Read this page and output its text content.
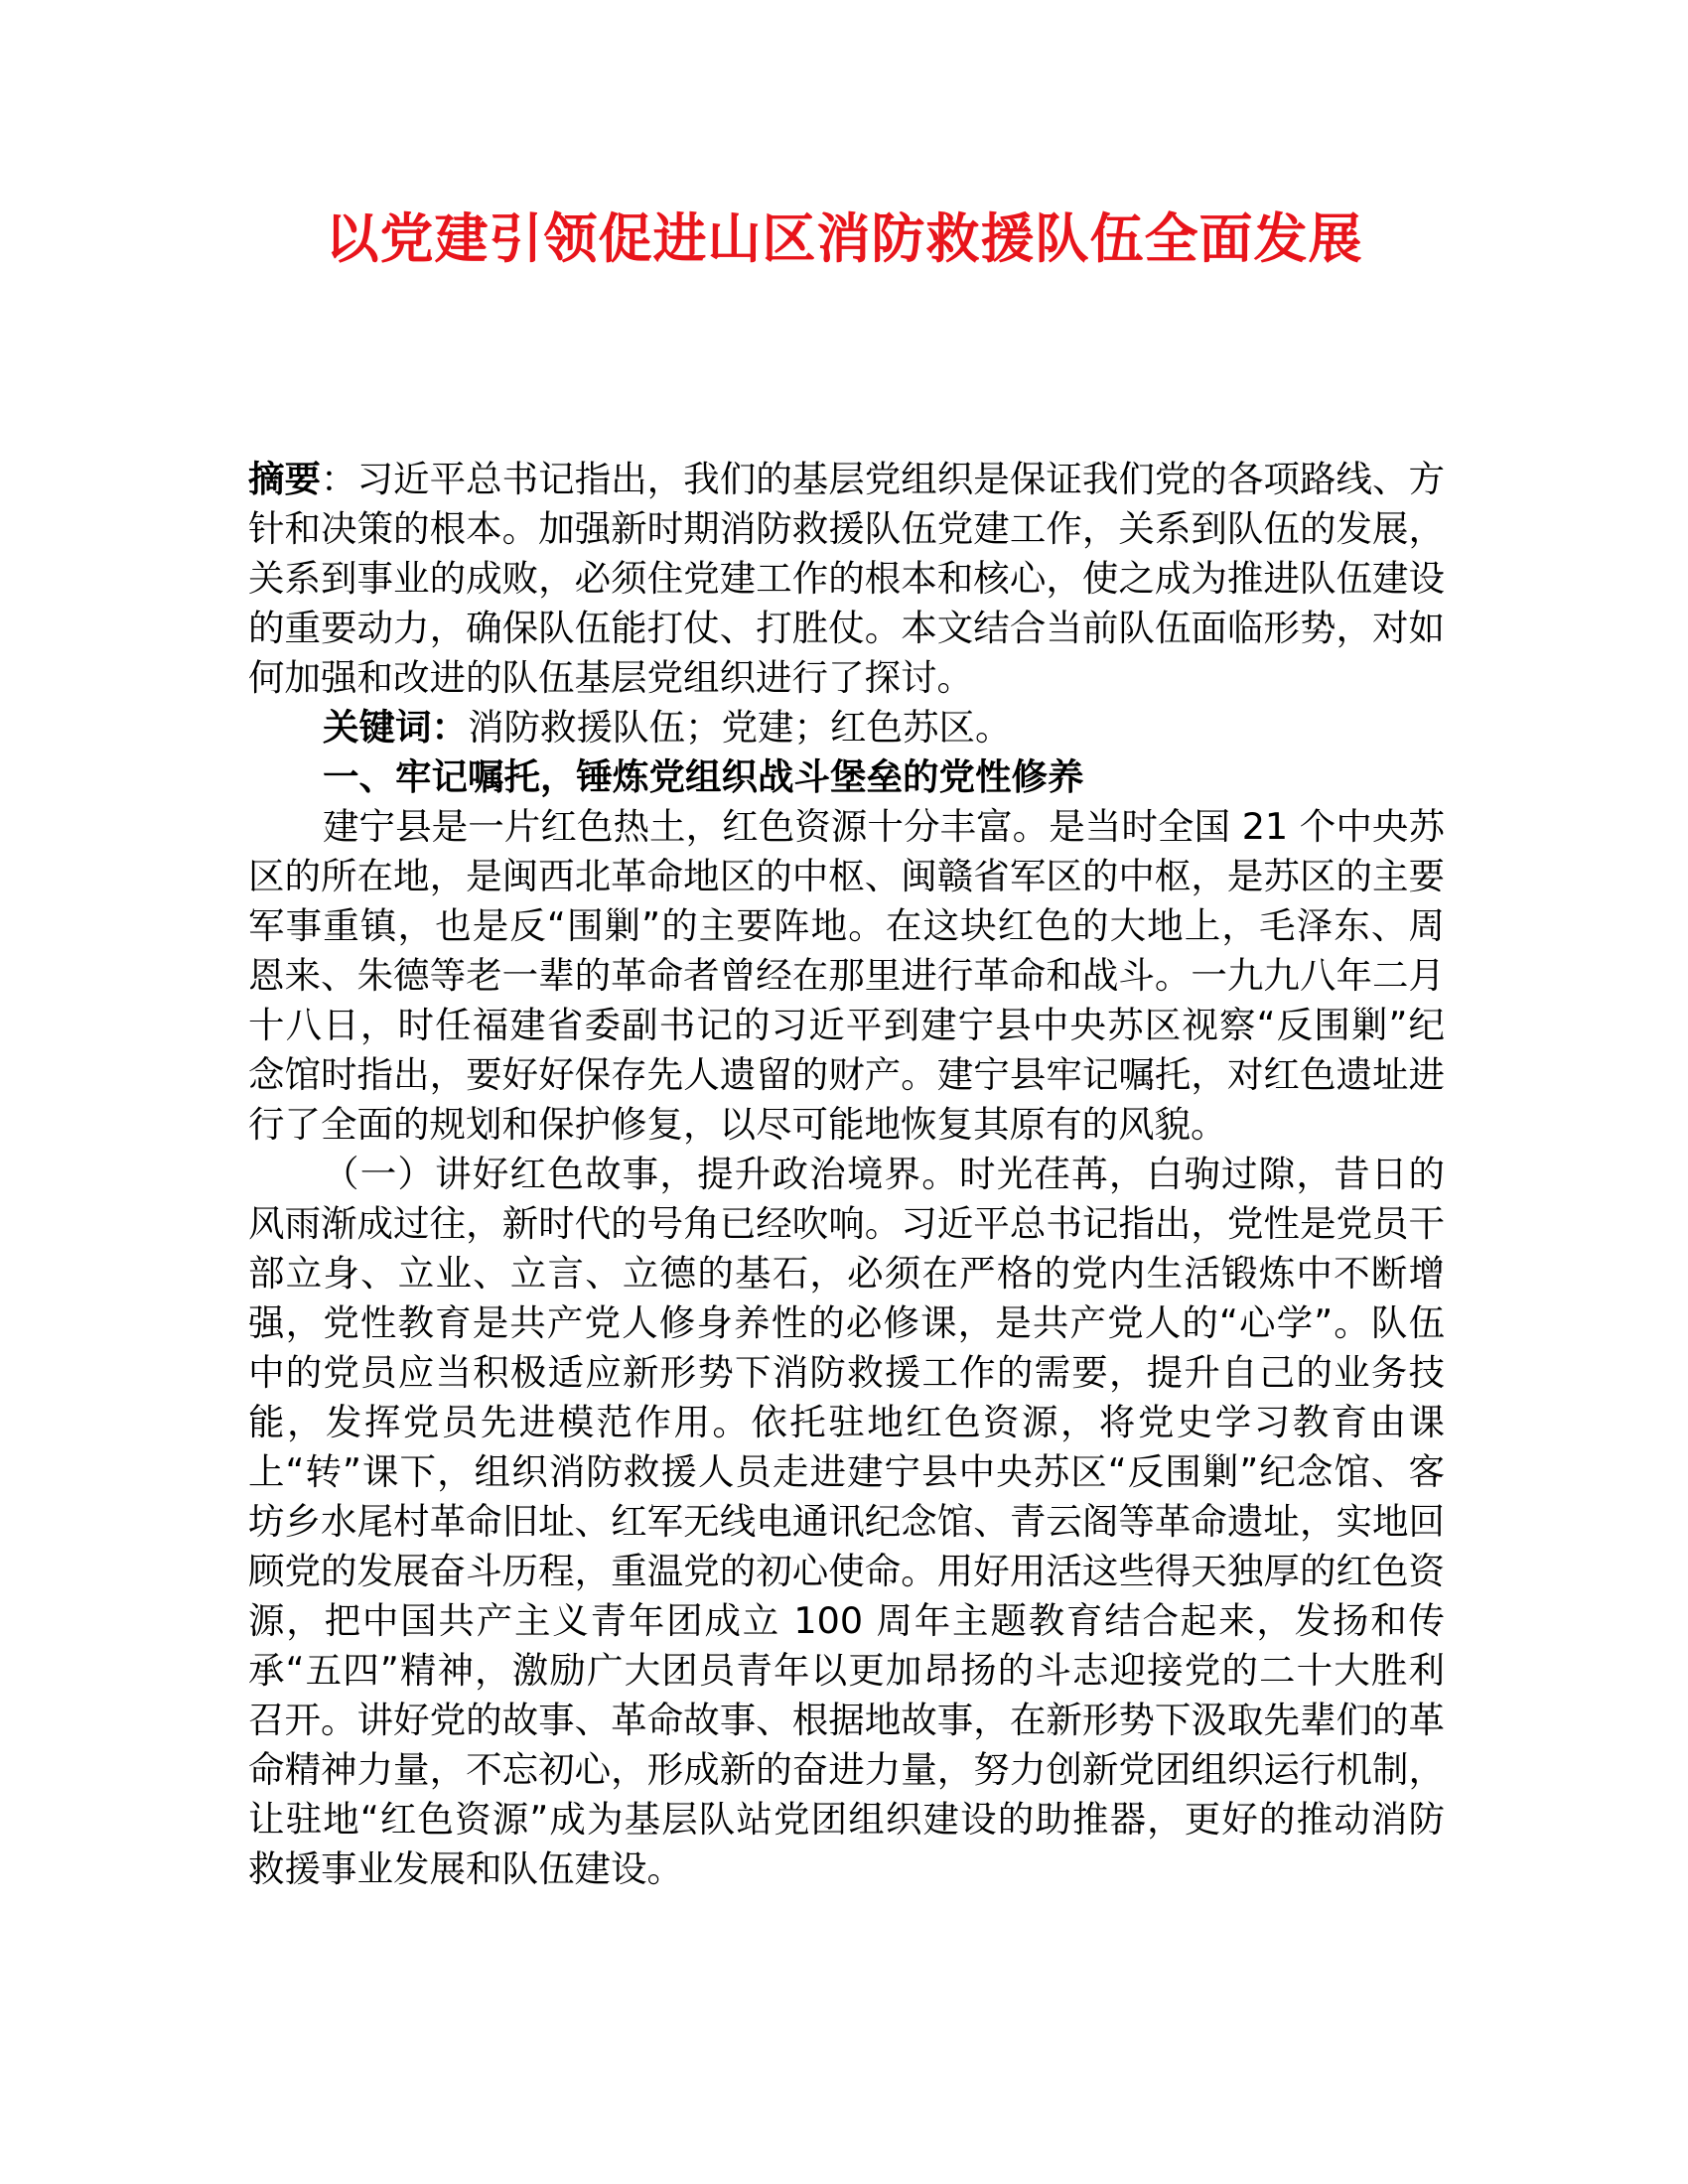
以党建引领促进山区消防救援队伍全面发展

摘要：习近平总书记指出，我们的基层党组织是保证我们党的各项路线、方针和决策的根本。加强新时期消防救援队伍党建工作，关系到队伍的发展，关系到事业的成败，必须住党建工作的根本和核心，使之成为推进队伍建设的重要动力，确保队伍能打仗、打胜仗。本文结合当前队伍面临形势，对如何加强和改进的队伍基层党组织进行了探讨。

关键词：消防救援队伍；党建；红色苏区。

一、牢记嘱托，锤炼党组织战斗堡垒的党性修养

建宁县是一片红色热土，红色资源十分丰富。是当时全国 21 个中央苏区的所在地，是闽西北革命地区的中枢、闽赣省军区的中枢，是苏区的主要军事重镇，也是反“围剿”的主要阵地。在这块红色的大地上，毛泽东、周恩来、朱德等老一辈的革命者曾经在那里进行革命和战斗。一九九八年二月十八日，时任福建省委副书记的习近平到建宁县中央苏区视察“反围剿”纪念馆时指出，要好好保存先人遗留的财产。建宁县牢记嘱托，对红色遗址进行了全面的规划和保护修复，以尽可能地恢复其原有的风貌。

（一）讲好红色故事，提升政治境界。时光荏苒，白驹过隙，昔日的风雨渐成过往，新时代的号角已经吹响。习近平总书记指出，党性是党员干部立身、立业、立言、立德的基石，必须在严格的党内生活锻炼中不断增强，党性教育是共产党人修身养性的必修课，是共产党人的“心学”。队伍中的党员应当积极适应新形势下消防救援工作的需要，提升自己的业务技能，发挥党员先进模范作用。依托驻地红色资源，将党史学习教育由课上“转”课下，组织消防救援人员走进建宁县中央苏区“反围剿”纪念馆、客坊乡水尾村革命旧址、红军无线电通讯纪念馆、青云阁等革命遗址，实地回顾党的发展奋斗历程，重温党的初心使命。用好用活这些得天独厚的红色资源，把中国共产主义青年团成立 100 周年主题教育结合起来，发扬和传承“五四”精神，激励广大团员青年以更加昂扬的斗志迎接党的二十大胜利召开。讲好党的故事、革命故事、根据地故事，在新形势下汲取先辈们的革命精神力量，不忘初心，形成新的奋进力量，努力创新党团组织运行机制，让驻地“红色资源”成为基层队站党团组织建设的助推器，更好的推动消防救援事业发展和队伍建设。
